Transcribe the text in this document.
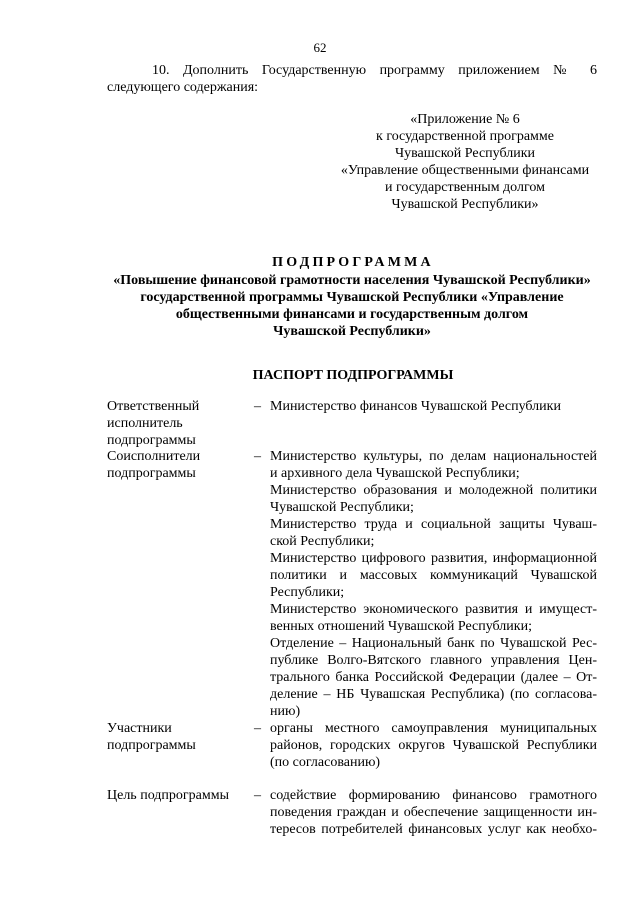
62
10. Дополнить Государственную программу приложением № 6 следующего содержания:
«Приложение № 6
к государственной программе
Чувашской Республики
«Управление общественными финансами
и государственным долгом
Чувашской Республики»
ПОДПРОГРАММА
«Повышение финансовой грамотности населения Чувашской Республики»
государственной программы Чувашской Республики «Управление
общественными финансами и государственным долгом
Чувашской Республики»
ПАСПОРТ ПОДПРОГРАММЫ
Ответственный исполнитель подпрограммы
– Министерство финансов Чувашской Республики
Соисполнители подпрограммы
– Министерство культуры, по делам национальностей
и архивного дела Чувашской Республики;
Министерство образования и молодежной политики
Чувашской Республики;
Министерство труда и социальной защиты Чуваш-
ской Республики;
Министерство цифрового развития, информационной
политики и массовых коммуникаций Чувашской
Республики;
Министерство экономического развития и имущест-
венных отношений Чувашской Республики;
Отделение – Национальный банк по Чувашской Рес-
публике Волго-Вятского главного управления Цен-
трального банка Российской Федерации (далее – От-
деление – НБ Чувашская Республика) (по согласова-
нию)
Участники подпрограммы
– органы местного самоуправления муниципальных
районов, городских округов Чувашской Республики
(по согласованию)
Цель подпрограммы	– содействие формированию финансово грамотного
поведения граждан и обеспечение защищенности ин-
тересов потребителей финансовых услуг как необхо-
